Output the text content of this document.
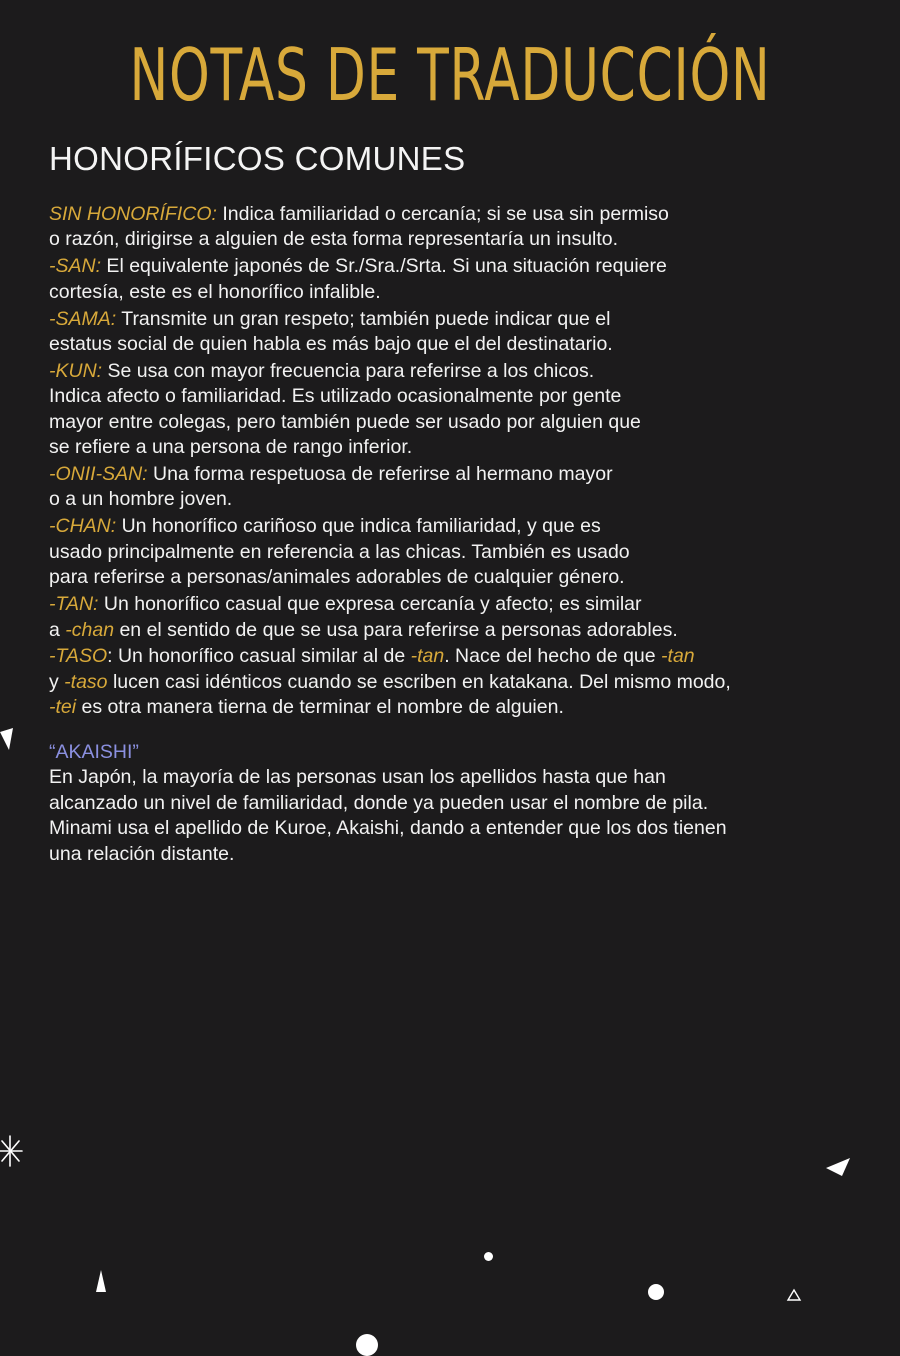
NOTAS DE TRADUCCIÓN
HONORÍFICOS COMUNES

SIN HONORÍFICO: Indica familiaridad o cercanía; si se usa sin permiso
o razón, dirigirse a alguien de esta forma representaría un insulto.

-SAN: El equivalente japonés de Sr./Sra./Srta. Si una situación requiere
cortesía, este es el honorífico infalible.

-SAMA: Transmite un gran respeto; también puede indicar que el
estatus social de quien habla es más bajo que el del destinatario.

-KUN: Se usa con mayor frecuencia para referirse a los chicos.
Indica afecto o familiaridad. Es utilizado ocasionalmente por gente
mayor entre colegas, pero también puede ser usado por alguien que
se refiere a una persona de rango inferior.

-ONII-SAN: Una forma respetuosa de referirse al hermano mayor
o a un hombre joven.

-CHAN: Un honorífico cariñoso que indica familiaridad, y que es
usado principalmente en referencia a las chicas. También es usado
para referirse a personas/animales adorables de cualquier género.

-TAN: Un honorífico casual que expresa cercanía y afecto; es similar
a -chan en el sentido de que se usa para referirse a personas adorables.

-TASO: Un honorífico casual similar al de -tan. Nace del hecho de que -tan
y -taso lucen casi idénticos cuando se escriben en katakana. Del mismo modo,
-tei es otra manera tierna de terminar el nombre de alguien.

“AKAISHI”

En Japón, la mayoría de las personas usan los apellidos hasta que han
alcanzado un nivel de familiaridad, donde ya pueden usar el nombre de pila.
Minami usa el apellido de Kuroe, Akaishi, dando a entender que los dos tienen
una relación distante.
